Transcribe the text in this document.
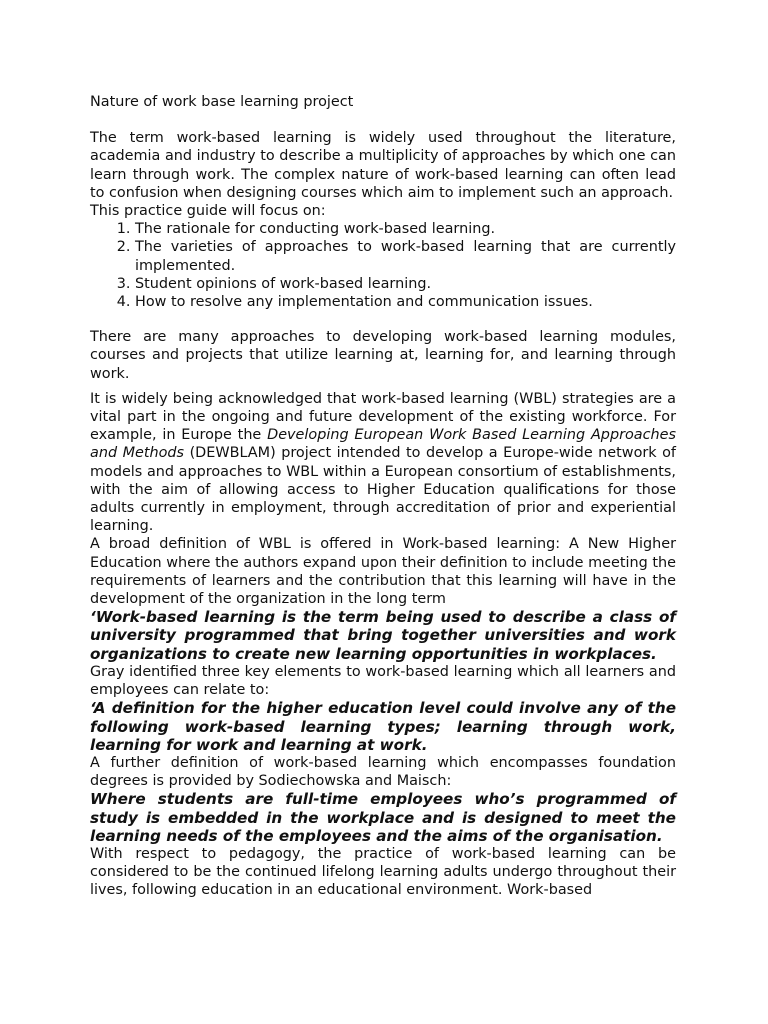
Nature of work base learning project

The term work-based learning is widely used throughout the literature, academia and industry to describe a multiplicity of approaches by which one can learn through work. The complex nature of work-based learning can often lead to confusion when designing courses which aim to implement such an approach.

This practice guide will focus on:

1. The rationale for conducting work-based learning.
2. The varieties of approaches to work-based learning that are currently implemented.
3. Student opinions of work-based learning.
4. How to resolve any implementation and communication issues.

There are many approaches to developing work-based learning modules, courses and projects that utilize learning at, learning for, and learning through work.

It is widely being acknowledged that work-based learning (WBL) strategies are a vital part in the ongoing and future development of the existing workforce. For example, in Europe the Developing European Work Based Learning Approaches and Methods (DEWBLAM) project intended to develop a Europe-wide network of models and approaches to WBL within a European consortium of establishments, with the aim of allowing access to Higher Education qualifications for those adults currently in employment, through accreditation of prior and experiential learning.

A broad definition of WBL is offered in Work-based learning: A New Higher Education where the authors expand upon their definition to include meeting the requirements of learners and the contribution that this learning will have in the development of the organization in the long term

‘Work-based learning is the term being used to describe a class of university programmed that bring together universities and work organizations to create new learning opportunities in workplaces.

Gray identified three key elements to work-based learning which all learners and employees can relate to:

‘A definition for the higher education level could involve any of the following work-based learning types; learning through work, learning for work and learning at work.

A further definition of work-based learning which encompasses foundation degrees is provided by Sodiechowska and Maisch:

Where students are full-time employees who’s programmed of study is embedded in the workplace and is designed to meet the learning needs of the employees and the aims of the organisation.

With respect to pedagogy, the practice of work-based learning can be considered to be the continued lifelong learning adults undergo throughout their lives, following education in an educational environment. Work-based
